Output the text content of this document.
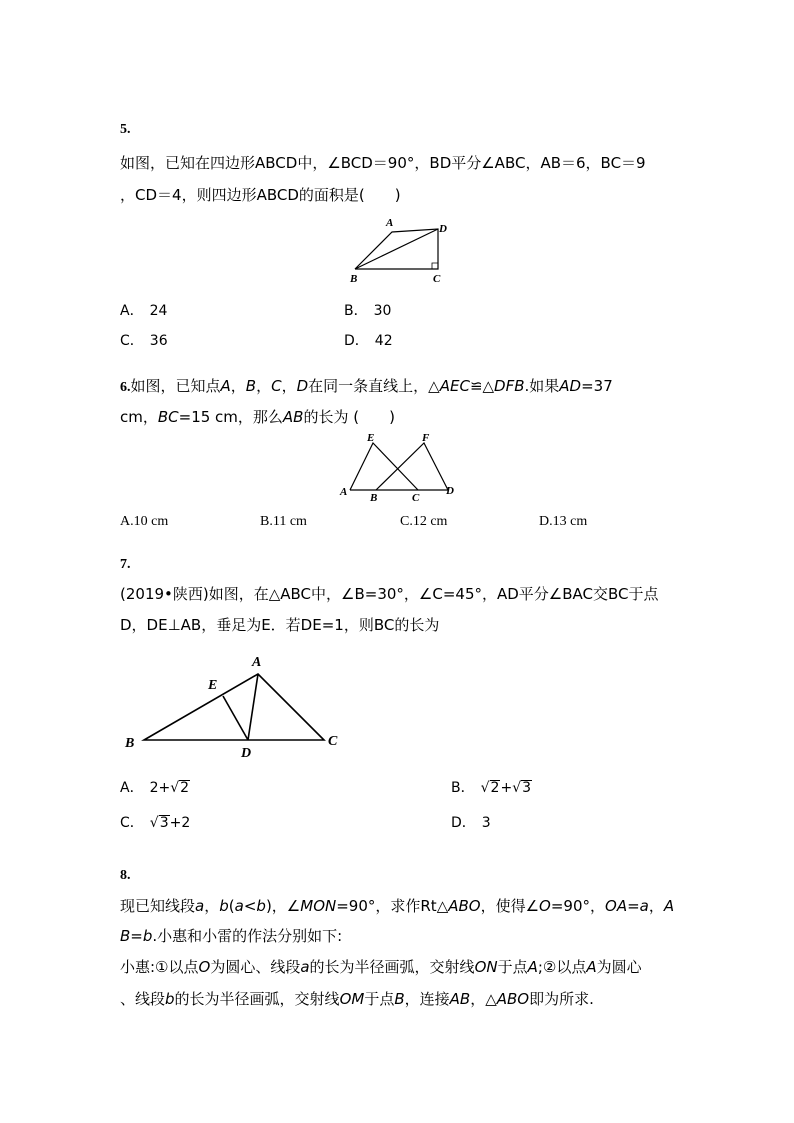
5.
如图，已知在四边形ABCD中，∠BCD＝90°，BD平分∠ABC，AB＝6，BC＝9
，CD＝4，则四边形ABCD的面积是(　　)
A
B	C
D
A． 24	B． 30
C． 36	D． 42
6.如图，已知点A，B，C，D在同一条直线上，△AEC≌△DFB.如果AD=37
cm，BC=15 cm，那么AB的长为 (　　)
E	F
A B	C
D
A.10 cm	B.11 cm	C.12 cm	D.13 cm
7.
(2019•陕西)如图，在△ABC中，∠B=30°，∠C=45°，AD平分∠BAC交BC于点
D，DE⊥AB，垂足为E．若DE=1，则BC的长为
A
B	C
D
E
A． 2+√2	B． √2+√3
C． √3+2	D． 3
8.
现已知线段a，b(a<b)，∠MON=90°，求作Rt△ABO，使得∠O=90°，OA=a，A
B=b.小惠和小雷的作法分别如下:
小惠:①以点O为圆心、线段a的长为半径画弧，交射线ON于点A;②以点A为圆心
、线段b的长为半径画弧，交射线OM于点B，连接AB，△ABO即为所求.
